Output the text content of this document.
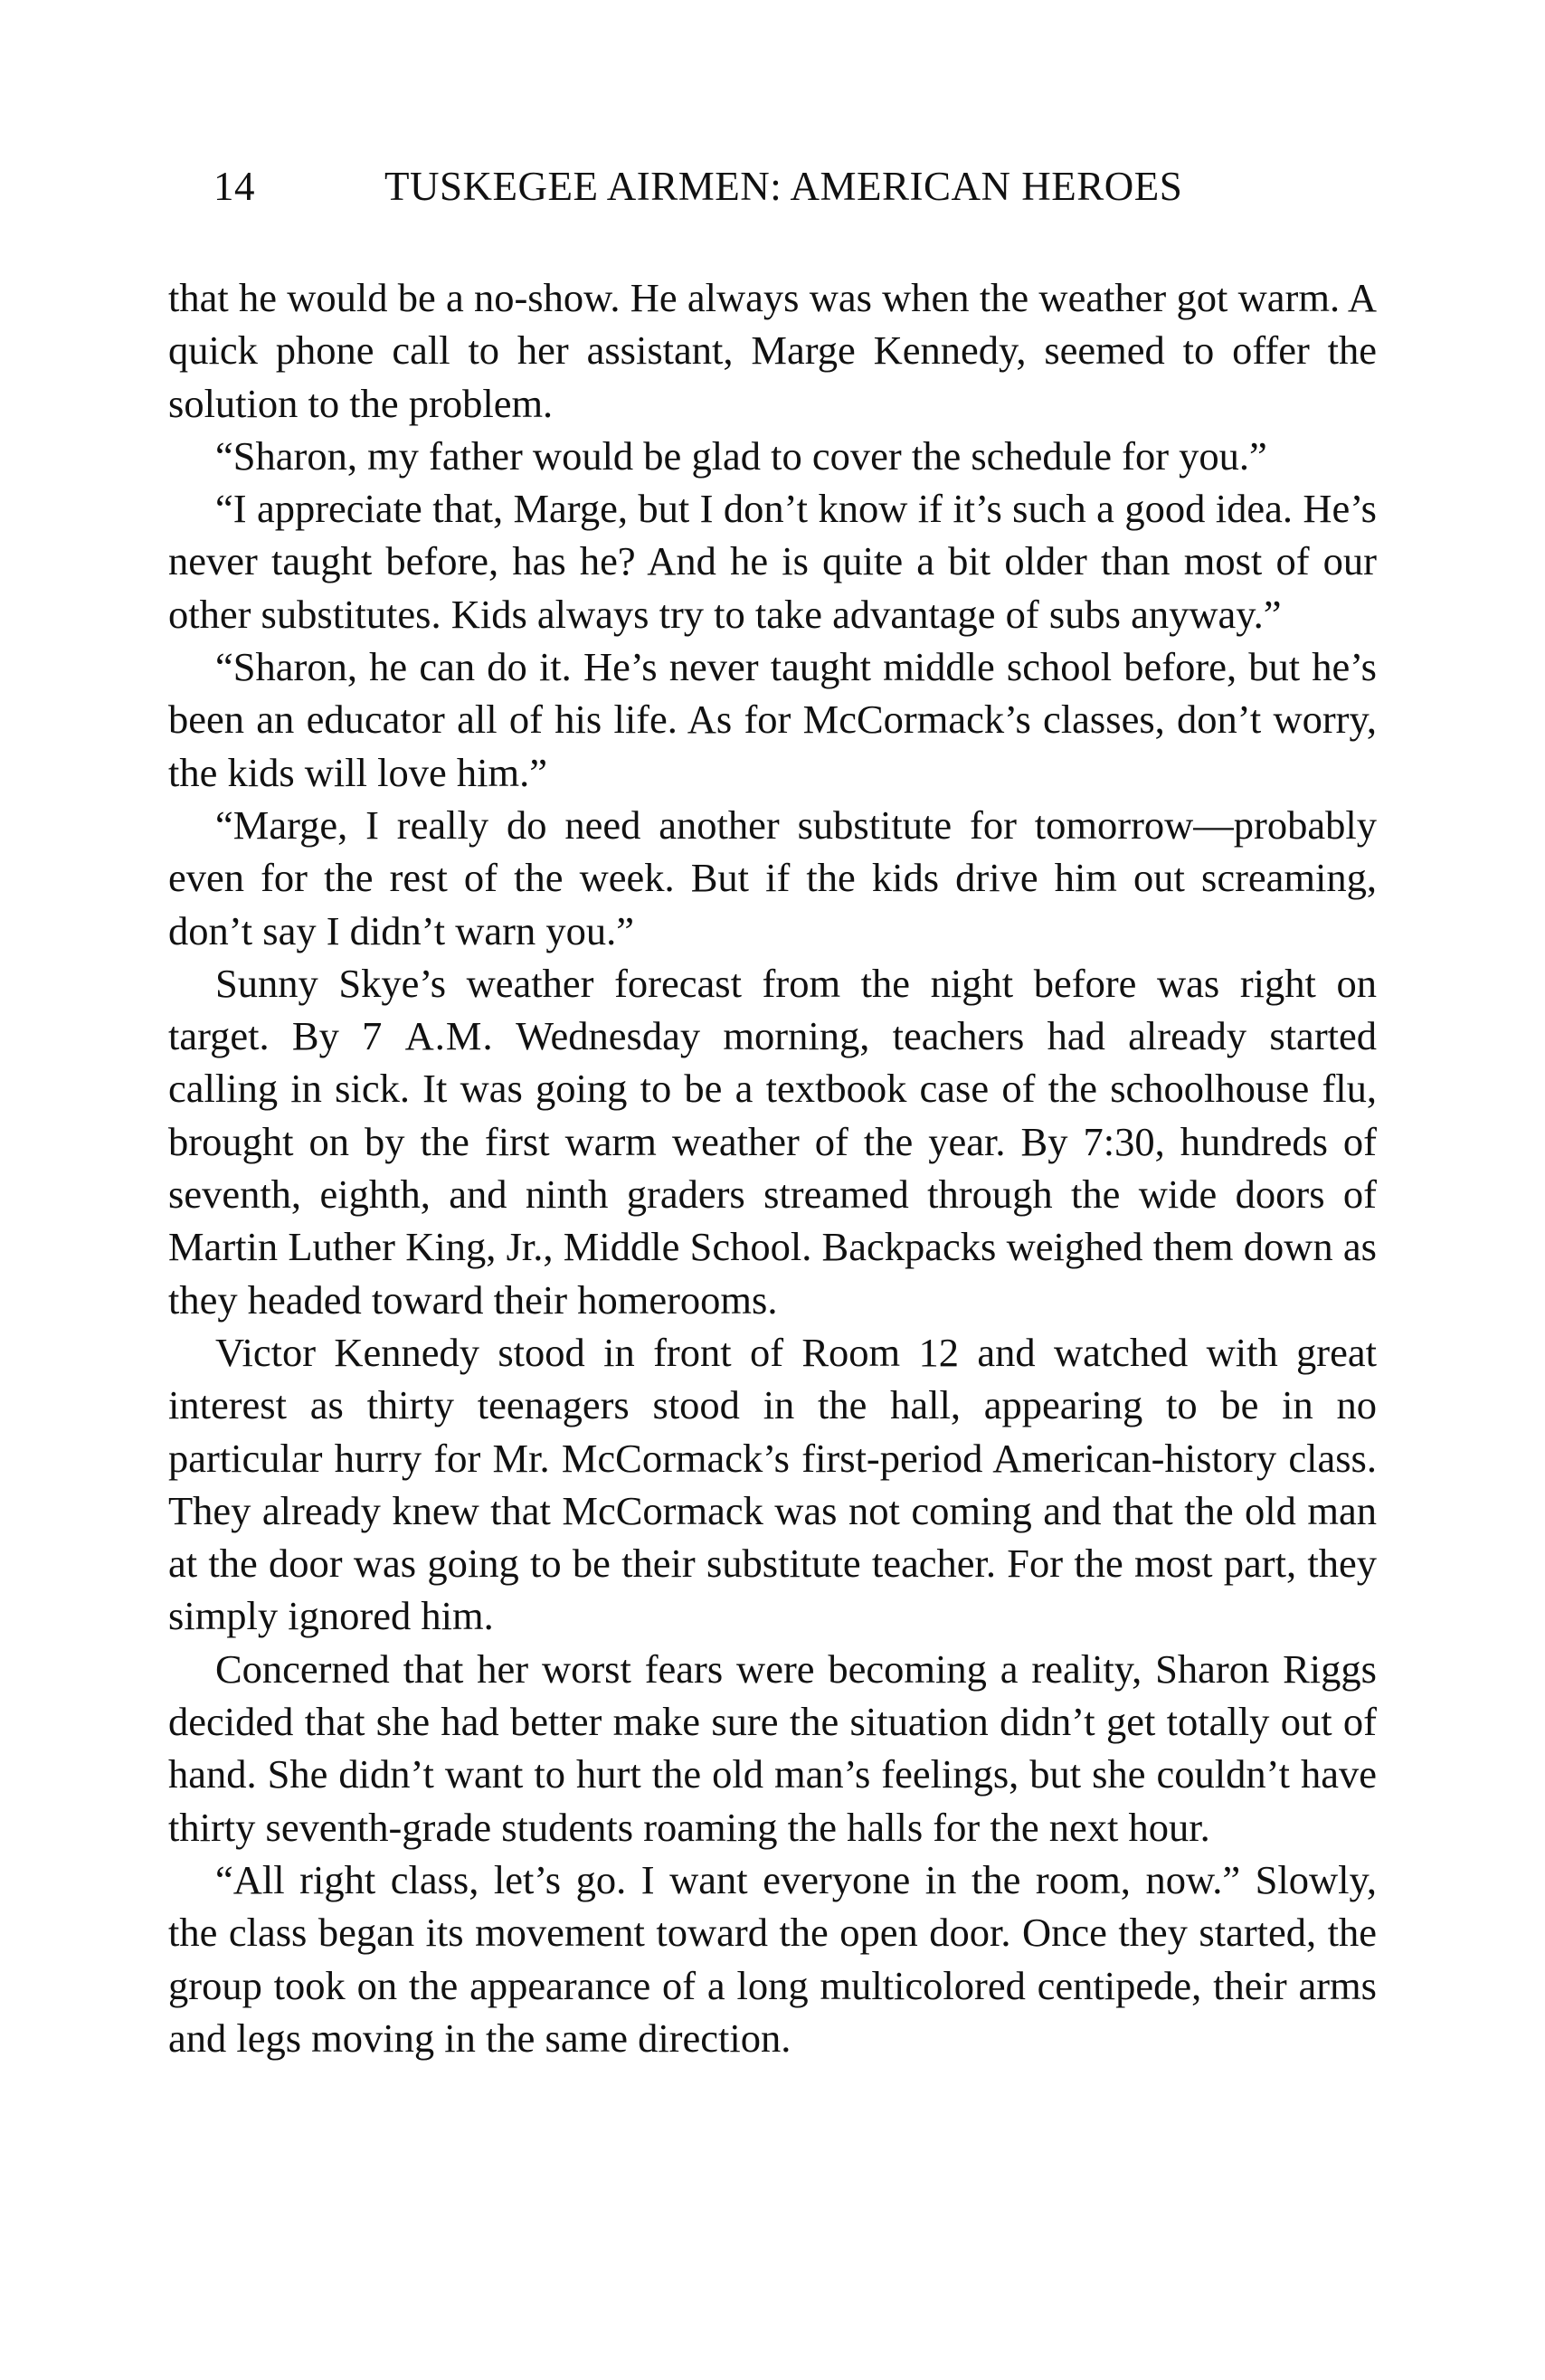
14	TUSKEGEE AIRMEN: AMERICAN HEROES

that he would be a no-show. He always was when the weather got warm. A quick phone call to her assistant, Marge Kennedy, seemed to offer the solution to the problem.

“Sharon, my father would be glad to cover the schedule for you.”

“I appreciate that, Marge, but I don’t know if it’s such a good idea. He’s never taught before, has he? And he is quite a bit older than most of our other substitutes. Kids always try to take advantage of subs anyway.”

“Sharon, he can do it. He’s never taught middle school before, but he’s been an educator all of his life. As for McCormack’s classes, don’t worry, the kids will love him.”

“Marge, I really do need another substitute for tomorrow—probably even for the rest of the week. But if the kids drive him out screaming, don’t say I didn’t warn you.”

Sunny Skye’s weather forecast from the night before was right on target. By 7 A.M. Wednesday morning, teachers had already started calling in sick. It was going to be a textbook case of the schoolhouse flu, brought on by the first warm weather of the year. By 7:30, hundreds of seventh, eighth, and ninth graders streamed through the wide doors of Martin Luther King, Jr., Middle School. Backpacks weighed them down as they headed toward their homerooms.

Victor Kennedy stood in front of Room 12 and watched with great interest as thirty teenagers stood in the hall, appearing to be in no particular hurry for Mr. McCormack’s first-period American-history class. They already knew that McCormack was not coming and that the old man at the door was going to be their substitute teacher. For the most part, they simply ignored him.

Concerned that her worst fears were becoming a reality, Sharon Riggs decided that she had better make sure the situation didn’t get totally out of hand. She didn’t want to hurt the old man’s feelings, but she couldn’t have thirty seventh-grade students roaming the halls for the next hour.

“All right class, let’s go. I want everyone in the room, now.” Slowly, the class began its movement toward the open door. Once they started, the group took on the appearance of a long multicolored centipede, their arms and legs moving in the same direction.
